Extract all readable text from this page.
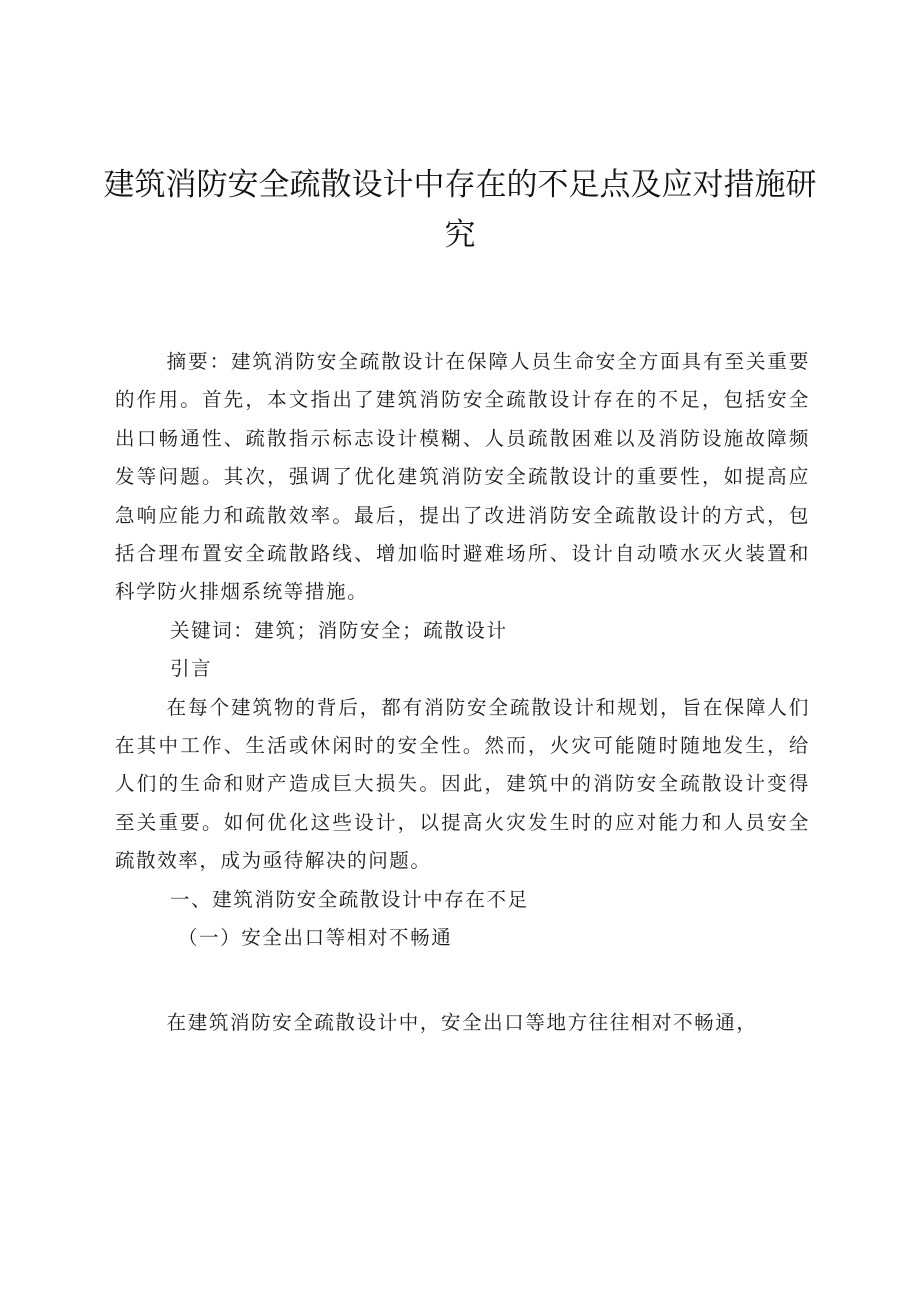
建筑消防安全疏散设计中存在的不足点及应对措施研究

摘要：建筑消防安全疏散设计在保障人员生命安全方面具有至关重要的作用。首先，本文指出了建筑消防安全疏散设计存在的不足，包括安全出口畅通性、疏散指示标志设计模糊、人员疏散困难以及消防设施故障频发等问题。其次，强调了优化建筑消防安全疏散设计的重要性，如提高应急响应能力和疏散效率。最后，提出了改进消防安全疏散设计的方式，包括合理布置安全疏散路线、增加临时避难场所、设计自动喷水灭火装置和科学防火排烟系统等措施。

关键词：建筑；消防安全；疏散设计

引言

在每个建筑物的背后，都有消防安全疏散设计和规划，旨在保障人们在其中工作、生活或休闲时的安全性。然而，火灾可能随时随地发生，给人们的生命和财产造成巨大损失。因此，建筑中的消防安全疏散设计变得至关重要。如何优化这些设计，以提高火灾发生时的应对能力和人员安全疏散效率，成为亟待解决的问题。

一、建筑消防安全疏散设计中存在不足

（一）安全出口等相对不畅通

在建筑消防安全疏散设计中，安全出口等地方往往相对不畅通，
